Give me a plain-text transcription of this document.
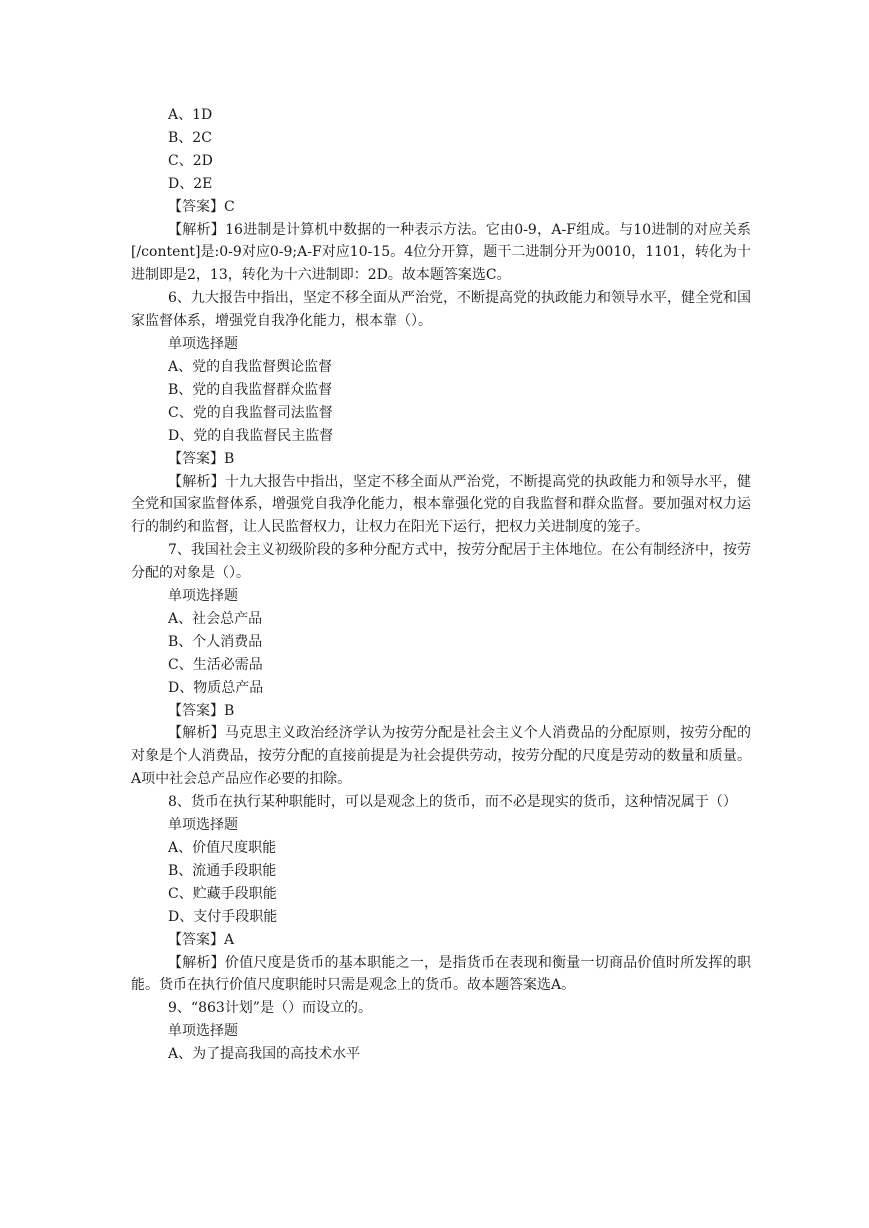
A、1D

B、2C

C、2D

D、2E

【答案】C

【解析】16进制是计算机中数据的一种表示方法。它由0-9，A-F组成。与10进制的对应关系[/content]是:0-9对应0-9;A-F对应10-15。4位分开算，题干二进制分开为0010，1101，转化为十进制即是2，13，转化为十六进制即：2D。故本题答案选C。

6、九大报告中指出，坚定不移全面从严治党，不断提高党的执政能力和领导水平，健全党和国家监督体系，增强党自我净化能力，根本靠（）。

单项选择题

A、党的自我监督舆论监督

B、党的自我监督群众监督

C、党的自我监督司法监督

D、党的自我监督民主监督

【答案】B

【解析】十九大报告中指出，坚定不移全面从严治党，不断提高党的执政能力和领导水平，健全党和国家监督体系，增强党自我净化能力，根本靠强化党的自我监督和群众监督。要加强对权力运行的制约和监督，让人民监督权力，让权力在阳光下运行，把权力关进制度的笼子。

7、我国社会主义初级阶段的多种分配方式中，按劳分配居于主体地位。在公有制经济中，按劳分配的对象是（）。

单项选择题

A、社会总产品

B、个人消费品

C、生活必需品

D、物质总产品

【答案】B

【解析】马克思主义政治经济学认为按劳分配是社会主义个人消费品的分配原则，按劳分配的对象是个人消费品，按劳分配的直接前提是为社会提供劳动，按劳分配的尺度是劳动的数量和质量。A项中社会总产品应作必要的扣除。

8、货币在执行某种职能时，可以是观念上的货币，而不必是现实的货币，这种情况属于（）

单项选择题

A、价值尺度职能

B、流通手段职能

C、贮藏手段职能

D、支付手段职能

【答案】A

【解析】价值尺度是货币的基本职能之一，是指货币在表现和衡量一切商品价值时所发挥的职能。货币在执行价值尺度职能时只需是观念上的货币。故本题答案选A。

9、“863计划”是（）而设立的。

单项选择题

A、为了提高我国的高技术水平
